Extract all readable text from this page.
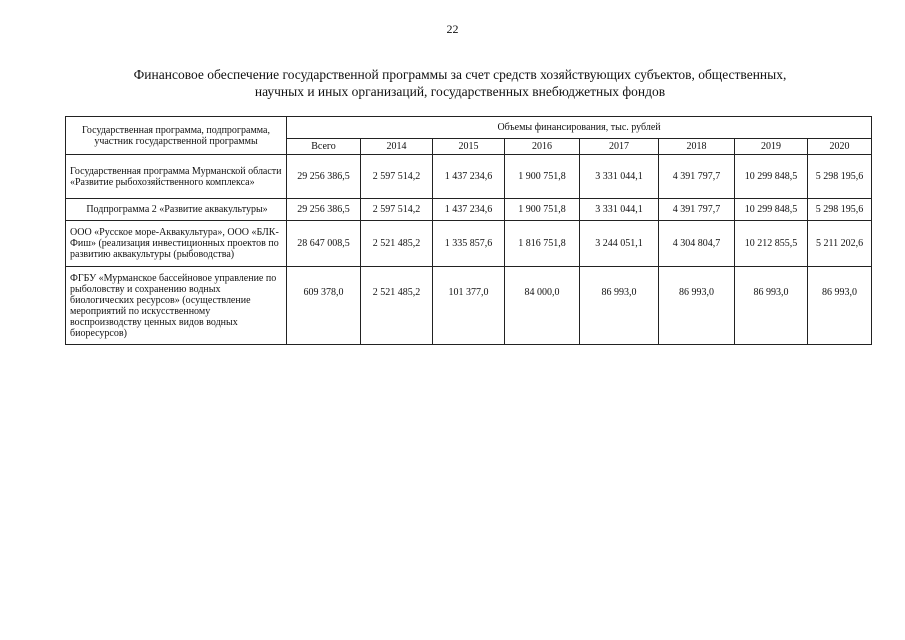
22
Финансовое обеспечение государственной программы за счет средств хозяйствующих субъектов, общественных,
научных и иных организаций, государственных внебюджетных фондов
Государственная программа, подпрограмма, участник государственной программы	Объемы финансирования, тыс. рублей							
	Всего	2014	2015	2016	2017	2018	2019	2020
Государственная программа Мурманской области «Развитие рыбохозяйственного комплекса»	29 256 386,5	2 597 514,2	1 437 234,6	1 900 751,8	3 331 044,1	4 391 797,7	10 299 848,5	5 298 195,6
Подпрограмма 2 «Развитие аквакультуры»	29 256 386,5	2 597 514,2	1 437 234,6	1 900 751,8	3 331 044,1	4 391 797,7	10 299 848,5	5 298 195,6
ООО «Русское море-Аквакультура», ООО «БЛК-Фиш» (реализация инвестиционных проектов по развитию аквакультуры (рыбоводства)	28 647 008,5	2 521 485,2	1 335 857,6	1 816 751,8	3 244 051,1	4 304 804,7	10 212 855,5	5 211 202,6
ФГБУ «Мурманское бассейновое управление по рыболовству и сохранению водных биологических ресурсов» (осуществление мероприятий по искусственному воспроизводству ценных видов водных биоресурсов)	609 378,0	2 521 485,2	101 377,0	84 000,0	86 993,0	86 993,0	86 993,0	86 993,0
